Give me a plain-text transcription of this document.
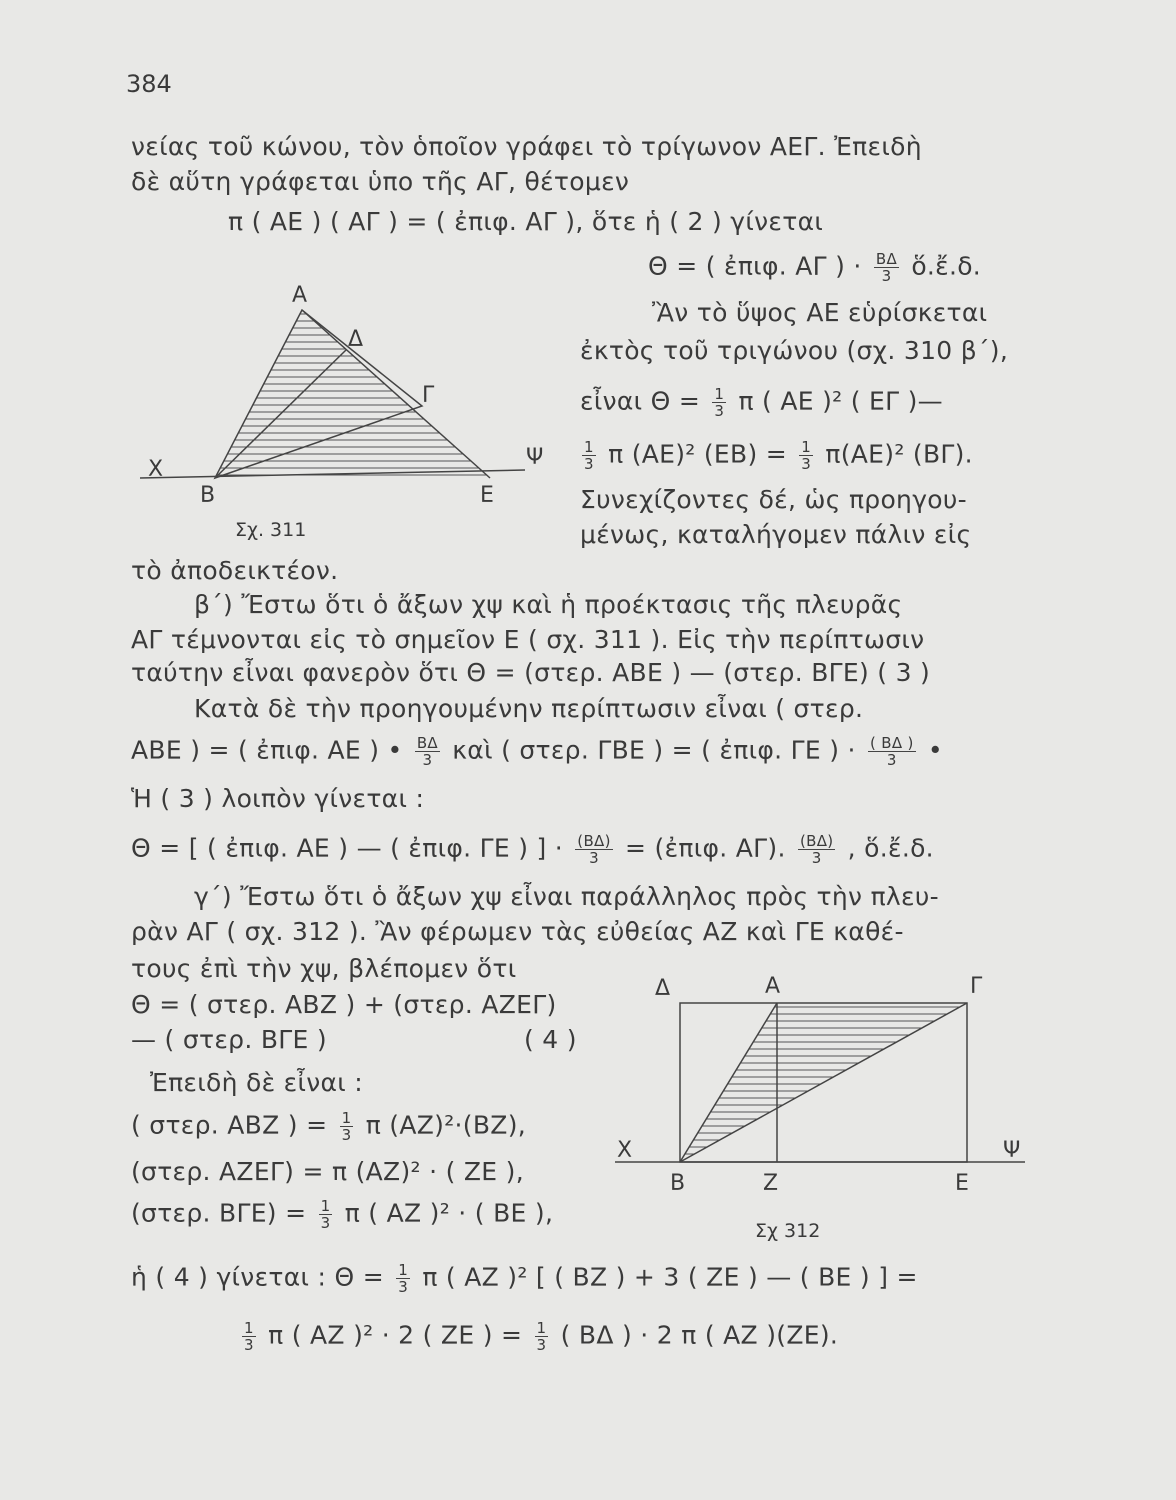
384
νείας τοῦ κώνου, τὸν ὁποῖον γράφει τὸ τρίγωνον ΑΕΓ. Ἐπειδὴ
δὲ αὕτη γράφεται ὑπο τῆς ΑΓ, θέτομεν
π ( ΑΕ ) ( ΑΓ ) = ( ἐπιφ. ΑΓ ), ὅτε ἡ ( 2 ) γίνεται
Θ = ( ἐπιφ. ΑΓ ) · $\frac{B\Delta}{3}$ ὅ.ἔ.δ.
Ἂν τὸ ὕψος ΑΕ εὑρίσκεται
ἐκτὸς τοῦ τριγώνου (σχ. 310 β΄),
εἶναι $\Theta = \frac{1}{3}$ π ( ΑΕ )² ( ΕΓ )—
$\frac{1}{3}$ π (ΑΕ)² $(EB) = \frac{1}{3} \pi(AE)^2$ (ΒΓ).
Συνεχίζοντες δέ, ὡς προηγου-
μένως, καταλήγομεν πάλιν εἰς
τὸ ἀποδεικτέον.
β΄) Ἔστω ὅτι ὁ ἄξων χψ καὶ ἡ προέκτασις τῆς πλευρᾶς
ΑΓ τέμνονται εἰς τὸ σημεῖον Ε ( σχ. 311 ). Εἰς τὴν περίπτωσιν
ταύτην εἶναι φανερὸν ὅτι Θ = (στερ. ΑΒΕ ) — (στερ. ΒΓΕ) ( 3 )
Κατὰ δὲ τὴν προηγουμένην περίπτωσιν εἶναι ( στερ.
ΑΒΕ ) = ( ἐπιφ. ΑΕ ) • $\frac{B\Delta}{3}$ καὶ ( στερ. ΓΒΕ ) = ( ἐπιφ. ΓΕ ) · $\frac{( B\Delta )}{3}$ •
Ἡ ( 3 ) λοιπὸν γίνεται :
Θ = [ ( ἐπιφ. ΑΕ ) — ( ἐπιφ. ΓΕ ) ] · $\frac{(B\Delta)}{3}$ = (ἐπιφ. ΑΓ). $\frac{(B\Delta)}{3}$ , ὅ.ἔ.δ.
γ΄) Ἔστω ὅτι ὁ ἄξων χψ εἶναι παράλληλος πρὸς τὴν πλευ-
ρὰν ΑΓ ( σχ. 312 ). Ἂν φέρωμεν τὰς εὐθείας ΑΖ καὶ ΓΕ καθέ-
τους ἐπὶ τὴν χψ, βλέπομεν ὅτι
Θ = ( στερ. ΑΒΖ ) + (στερ. ΑΖΕΓ)
— ( στερ. ΒΓΕ )	( 4 )
Ἐπειδὴ δὲ εἶναι :
( στερ. ΑΒΖ ) = $\frac{1}{3}$ π (ΑΖ)²·(ΒΖ),
(στερ. ΑΖΕΓ) = π (ΑΖ)² · ( ΖΕ ),
(στερ. $B\Gamma E) = \frac{1}{3}$ π ( ΑΖ )² · ( ΒΕ ),
ἡ ( 4 ) γίνεται : $\Theta = \frac{1}{3}$ π ( ΑΖ )² [ ( ΒΖ ) + 3 ( ΖΕ ) — ( ΒΕ ) ] =
$\frac{1}{3}$ π ( ΑΖ )² · 2 ( ΖΕ ) = $\frac{1}{3}$ ( ΒΔ ) · 2 π ( ΑΖ )(ΖΕ).
Α
Δ
Γ
Χ	Ψ
Β	Ε
Σχ. 311
Δ	Α	Γ
Χ	Ψ
Β	Ζ	Ε
Σχ 312
